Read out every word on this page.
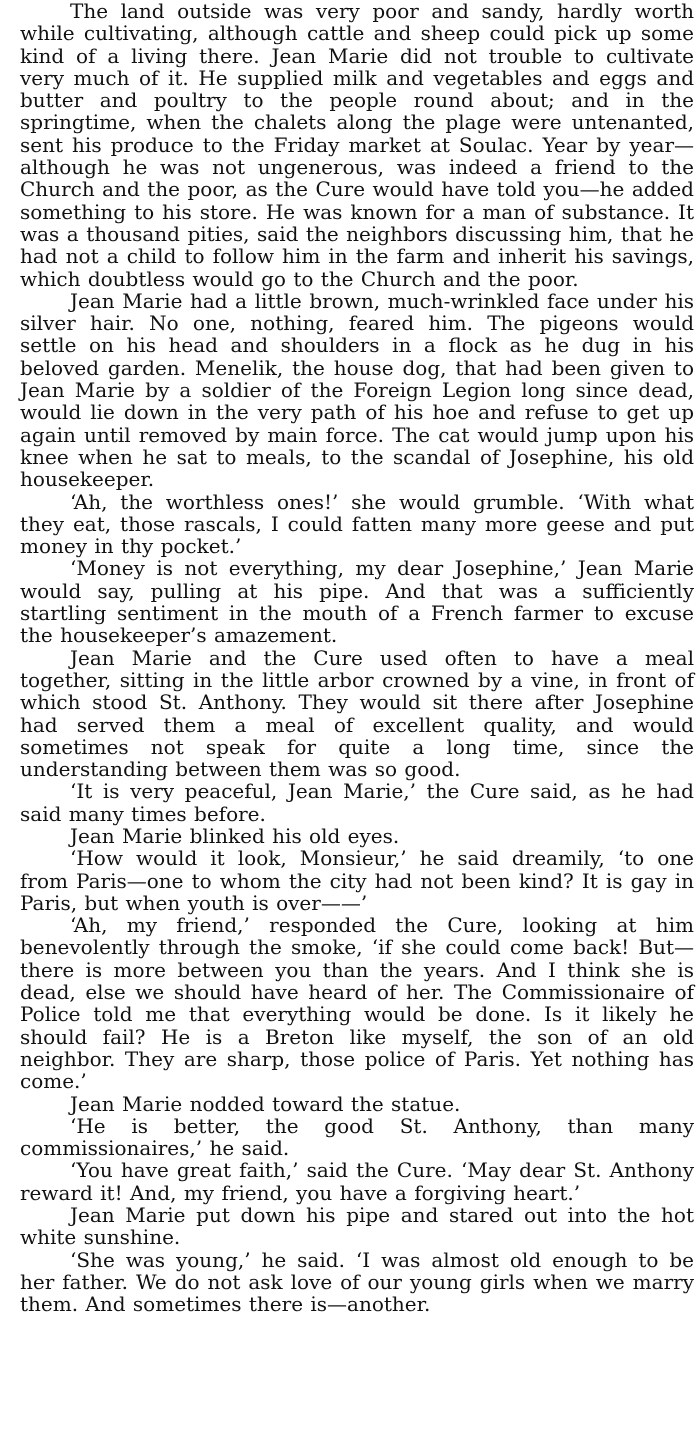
The land outside was very poor and sandy, hardly worth while cultivating, although cattle and sheep could pick up some kind of a living there. Jean Marie did not trouble to cultivate very much of it. He supplied milk and vegetables and eggs and butter and poultry to the people round about; and in the springtime, when the chalets along the plage were untenanted, sent his produce to the Friday market at Soulac. Year by year—although he was not ungenerous, was indeed a friend to the Church and the poor, as the Cure would have told you—he added something to his store. He was known for a man of substance. It was a thousand pities, said the neighbors discussing him, that he had not a child to follow him in the farm and inherit his savings, which doubtless would go to the Church and the poor.

Jean Marie had a little brown, much-wrinkled face under his silver hair. No one, nothing, feared him. The pigeons would settle on his head and shoulders in a flock as he dug in his beloved garden. Menelik, the house dog, that had been given to Jean Marie by a soldier of the Foreign Legion long since dead, would lie down in the very path of his hoe and refuse to get up again until removed by main force. The cat would jump upon his knee when he sat to meals, to the scandal of Josephine, his old housekeeper.

‘Ah, the worthless ones!’ she would grumble. ‘With what they eat, those rascals, I could fatten many more geese and put money in thy pocket.’

‘Money is not everything, my dear Josephine,’ Jean Marie would say, pulling at his pipe. And that was a sufficiently startling sentiment in the mouth of a French farmer to excuse the housekeeper’s amazement.

Jean Marie and the Cure used often to have a meal together, sitting in the little arbor crowned by a vine, in front of which stood St. Anthony. They would sit there after Josephine had served them a meal of excellent quality, and would sometimes not speak for quite a long time, since the understanding between them was so good.

‘It is very peaceful, Jean Marie,’ the Cure said, as he had said many times before.

Jean Marie blinked his old eyes.

‘How would it look, Monsieur,’ he said dreamily, ‘to one from Paris—one to whom the city had not been kind? It is gay in Paris, but when youth is over——’

‘Ah, my friend,’ responded the Cure, looking at him benevolently through the smoke, ‘if she could come back! But—there is more between you than the years. And I think she is dead, else we should have heard of her. The Commissionaire of Police told me that everything would be done. Is it likely he should fail? He is a Breton like myself, the son of an old neighbor. They are sharp, those police of Paris. Yet nothing has come.’

Jean Marie nodded toward the statue.

‘He is better, the good St. Anthony, than many commissionaires,’ he said.

‘You have great faith,’ said the Cure. ‘May dear St. Anthony reward it! And, my friend, you have a forgiving heart.’

Jean Marie put down his pipe and stared out into the hot white sunshine.

‘She was young,’ he said. ‘I was almost old enough to be her father. We do not ask love of our young girls when we marry them. And sometimes there is—another.
